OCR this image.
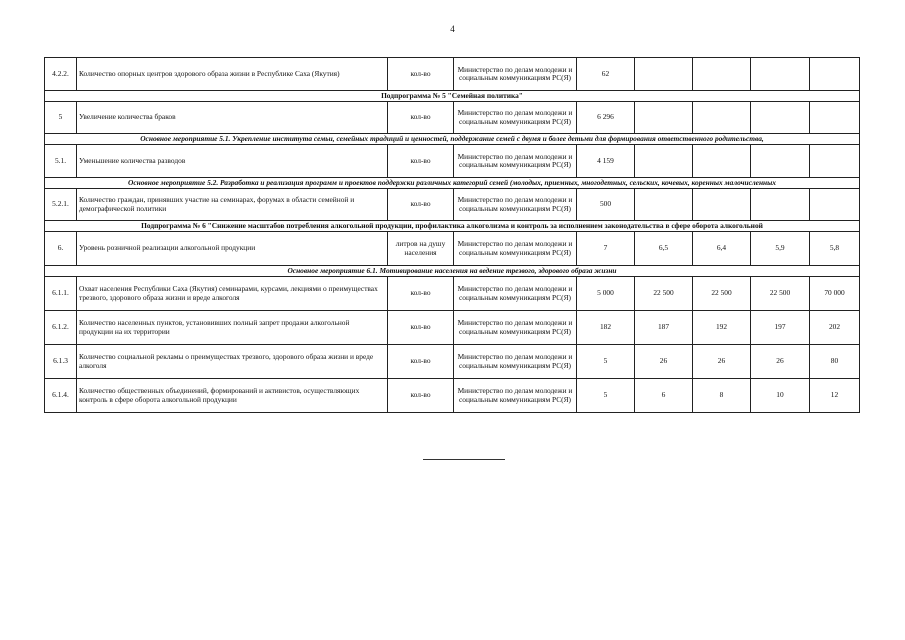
4
4.2.2.	Количество опорных центров здорового образа жизни в Республике Саха (Якутия)	кол-во	Министерство по делам молодежи и социальным коммуникациям РС(Я)	62				
Подпрограмма № 5 "Семейная политика"								
5	Увеличение количества браков	кол-во	Министерство по делам молодежи и социальным коммуникациям РС(Я)	6 296				
Основное мероприятие 5.1. Укрепление института семьи, семейных традиций и ценностей, поддержание семей с двумя и более детьми для формирования ответственного родительства,								
5.1.	Уменьшение количества разводов	кол-во	Министерство по делам молодежи и социальным коммуникациям РС(Я)	4 159				
Основное мероприятие 5.2. Разработка и реализация программ и проектов поддержки различных категорий семей (молодых, приемных, многодетных, сельских, кочевых, коренных малочисленных								
5.2.1.	Количество граждан, принявших участие на семинарах, форумах в области семейной и демографической политики	кол-во	Министерство по делам молодежи и социальным коммуникациям РС(Я)	500				
Подпрограмма № 6 "Снижение масштабов потребления алкогольной продукции, профилактика алкоголизма и контроль за исполнением законодательства в сфере оборота алкогольной								
6.	Уровень розничной реализации алкогольной продукции	литров на душу населения	Министерство по делам молодежи и социальным коммуникациям РС(Я)	7	6,5	6,4	5,9	5,8
Основное мероприятие 6.1. Мотивирование населения на ведение трезвого, здорового образа жизни								
6.1.1.	Охват населения Республики Саха (Якутия) семинарами, курсами, лекциями о преимуществах трезвого, здорового образа жизни и вреде алкоголя	кол-во	Министерство по делам молодежи и социальным коммуникациям РС(Я)	5 000	22 500	22 500	22 500	70 000
6.1.2.	Количество населенных пунктов, установивших полный запрет продажи алкогольной продукции на их территории	кол-во	Министерство по делам молодежи и социальным коммуникациям РС(Я)	182	187	192	197	202
6.1.3	Количество социальной рекламы о преимуществах трезвого, здорового образа жизни и вреде алкоголя	кол-во	Министерство по делам молодежи и социальным коммуникациям РС(Я)	5	26	26	26	80
6.1.4.	Количество общественных объединений, формирований и активистов, осуществляющих контроль в сфере оборота алкогольной продукции	кол-во	Министерство по делам молодежи и социальным коммуникациям РС(Я)	5	6	8	10	12
